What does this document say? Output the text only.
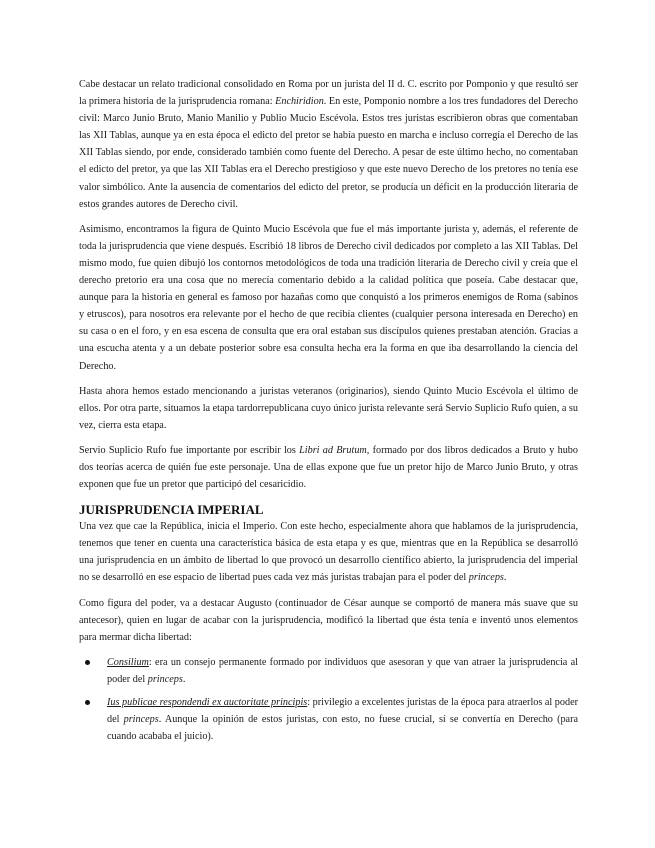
Cabe destacar un relato tradicional consolidado en Roma por un jurista del II d. C. escrito por Pomponio y que resultó ser la primera historia de la jurisprudencia romana: Enchiridion. En este, Pomponio nombre a los tres fundadores del Derecho civil: Marco Junio Bruto, Manio Manilio y Publio Mucio Escévola. Estos tres juristas escribieron obras que comentaban las XII Tablas, aunque ya en esta época el edicto del pretor se había puesto en marcha e incluso corregía el Derecho de las XII Tablas siendo, por ende, considerado también como fuente del Derecho. A pesar de este último hecho, no comentaban el edicto del pretor, ya que las XII Tablas era el Derecho prestigioso y que este nuevo Derecho de los pretores no tenía ese valor simbólico. Ante la ausencia de comentarios del edicto del pretor, se producía un déficit en la producción literaria de estos grandes autores de Derecho civil.

Asimismo, encontramos la figura de Quinto Mucio Escévola que fue el más importante jurista y, además, el referente de toda la jurisprudencia que viene después. Escribió 18 libros de Derecho civil dedicados por completo a las XII Tablas. Del mismo modo, fue quien dibujó los contornos metodológicos de toda una tradición literaria de Derecho civil y creía que el derecho pretorio era una cosa que no merecía comentario debido a la calidad política que poseía. Cabe destacar que, aunque para la historia en general es famoso por hazañas como que conquistó a los primeros enemigos de Roma (sabinos y etruscos), para nosotros era relevante por el hecho de que recibía clientes (cualquier persona interesada en Derecho) en su casa o en el foro, y en esa escena de consulta que era oral estaban sus discípulos quienes prestaban atención. Gracias a una escucha atenta y a un debate posterior sobre esa consulta hecha era la forma en que iba desarrollando la ciencia del Derecho.

Hasta ahora hemos estado mencionando a juristas veteranos (originarios), siendo Quinto Mucio Escévola el último de ellos. Por otra parte, situamos la etapa tardorrepublicana cuyo único jurista relevante será Servio Suplicio Rufo quien, a su vez, cierra esta etapa.

Servio Suplicio Rufo fue importante por escribir los Libri ad Brutum, formado por dos libros dedicados a Bruto y hubo dos teorías acerca de quién fue este personaje. Una de ellas expone que fue un pretor hijo de Marco Junio Bruto, y otras exponen que fue un pretor que participó del cesaricidio.

JURISPRUDENCIA IMPERIAL

Una vez que cae la República, inicia el Imperio. Con este hecho, especialmente ahora que hablamos de la jurisprudencia, tenemos que tener en cuenta una característica básica de esta etapa y es que, mientras que en la República se desarrolló una jurisprudencia en un ámbito de libertad lo que provocó un desarrollo científico abierto, la jurisprudencia del imperial no se desarrolló en ese espacio de libertad pues cada vez más juristas trabajan para el poder del princeps.

Como figura del poder, va a destacar Augusto (continuador de César aunque se comportó de manera más suave que su antecesor), quien en lugar de acabar con la jurisprudencia, modificó la libertad que ésta tenía e inventó unos elementos para mermar dicha libertad:

Consilium: era un consejo permanente formado por individuos que asesoran y que van atraer la jurisprudencia al poder del princeps.
Ius publicae respondendi ex auctoritate principis: privilegio a excelentes juristas de la época para atraerlos al poder del princeps. Aunque la opinión de estos juristas, con esto, no fuese crucial, sí se convertía en Derecho (para cuando acababa el juicio).
